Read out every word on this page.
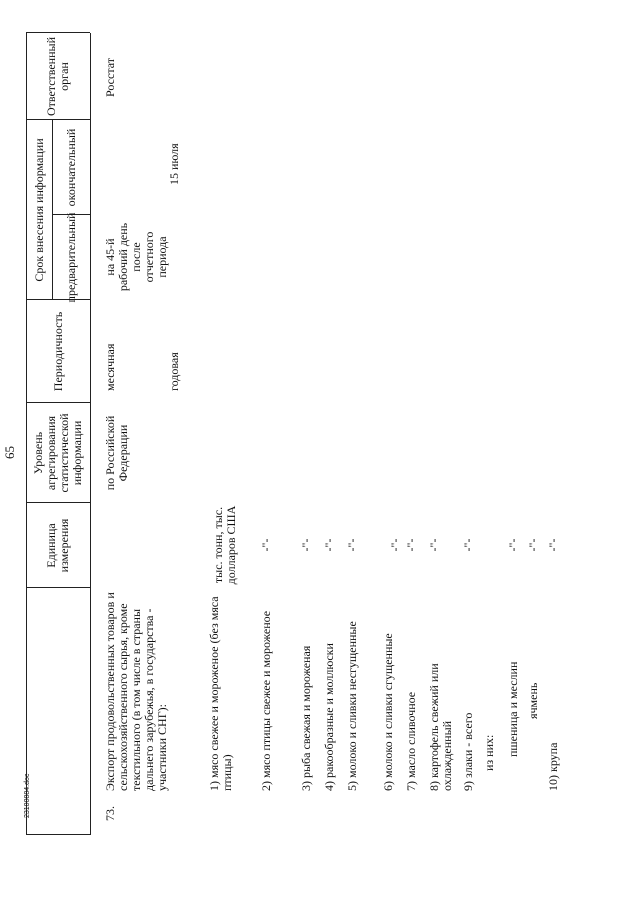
65
Единица измерения
Уровень агрегирования статистической информации
Периодичность
Срок внесения информации	предварительный
окончательный
Ответственный орган
73.
Экспорт продовольственных товаров и сельскохозяйственного сырья, кроме текстильного (в том числе в страны дальнего зарубежья, в государства - участники СНГ):
по Российской Федерации
месячная	годовая
на 45-й рабочий день после отчетного периода
15 июля
Росстат
1) мясо свежее и мороженое (без мяса птицы)
тыс. тонн, тыс. долларов США
2) мясо птицы свежее и мороженое
-"-
3) рыба свежая и мороженая
-"-
4) ракообразные и моллюски
-"-
5) молоко и сливки несгущенные
-"-
6) молоко и сливки сгущенные
-"-
7) масло сливочное
-"-
8) картофель свежий или охлажденный
-"-
9) злаки - всего
-"-
из них: пшеница и меслин
-"-
ячмень
-"-
10) крупа
-"-
23100884.doc
